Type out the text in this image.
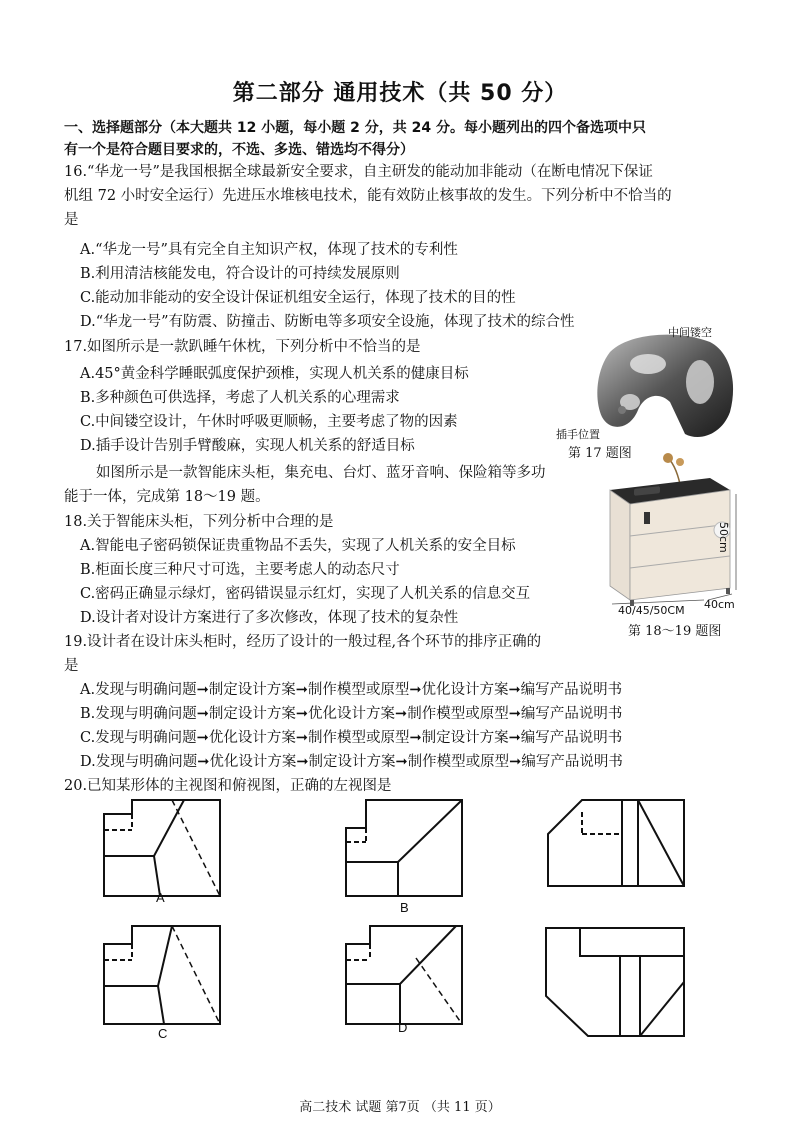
第二部分 通用技术（共 50 分）
一、选择题部分（本大题共 12 小题，每小题 2 分，共 24 分。每小题列出的四个备选项中只
有一个是符合题目要求的，不选、多选、错选均不得分）
16.“华龙一号”是我国根据全球最新安全要求，自主研发的能动加非能动（在断电情况下保证
机组 72 小时安全运行）先进压水堆核电技术，能有效防止核事故的发生。下列分析中不恰当的
是
A.“华龙一号”具有完全自主知识产权，体现了技术的专利性
B.利用清洁核能发电，符合设计的可持续发展原则
C.能动加非能动的安全设计保证机组安全运行，体现了技术的目的性
D.“华龙一号”有防震、防撞击、防断电等多项安全设施，体现了技术的综合性
17.如图所示是一款趴睡午休枕，下列分析中不恰当的是
A.45°黄金科学睡眠弧度保护颈椎，实现人机关系的健康目标
B.多种颜色可供选择，考虑了人机关系的心理需求
C.中间镂空设计，午休时呼吸更顺畅，主要考虑了物的因素
D.插手设计告别手臂酸麻，实现人机关系的舒适目标
中间镂空
插手位置
第 17 题图
如图所示是一款智能床头柜，集充电、台灯、蓝牙音响、保险箱等多功
能于一体，完成第 18～19 题。
18.关于智能床头柜，下列分析中合理的是
A.智能电子密码锁保证贵重物品不丢失，实现了人机关系的安全目标
B.柜面长度三种尺寸可选，主要考虑人的动态尺寸
C.密码正确显示绿灯，密码错误显示红灯，实现了人机关系的信息交互
D.设计者对设计方案进行了多次修改，体现了技术的复杂性
50cm
40/45/50CM 40cm
第 18～19 题图
19.设计者在设计床头柜时，经历了设计的一般过程,各个环节的排序正确的
是
A.发现与明确问题➞制定设计方案➞制作模型或原型➞优化设计方案➞编写产品说明书
B.发现与明确问题➞制定设计方案➞优化设计方案➞制作模型或原型➞编写产品说明书
C.发现与明确问题➞优化设计方案➞制作模型或原型➞制定设计方案➞编写产品说明书
D.发现与明确问题➞优化设计方案➞制定设计方案➞制作模型或原型➞编写产品说明书
20.已知某形体的主视图和俯视图，正确的左视图是
A
B
C	D
高二技术 试题 第7页 （共 11 页）
